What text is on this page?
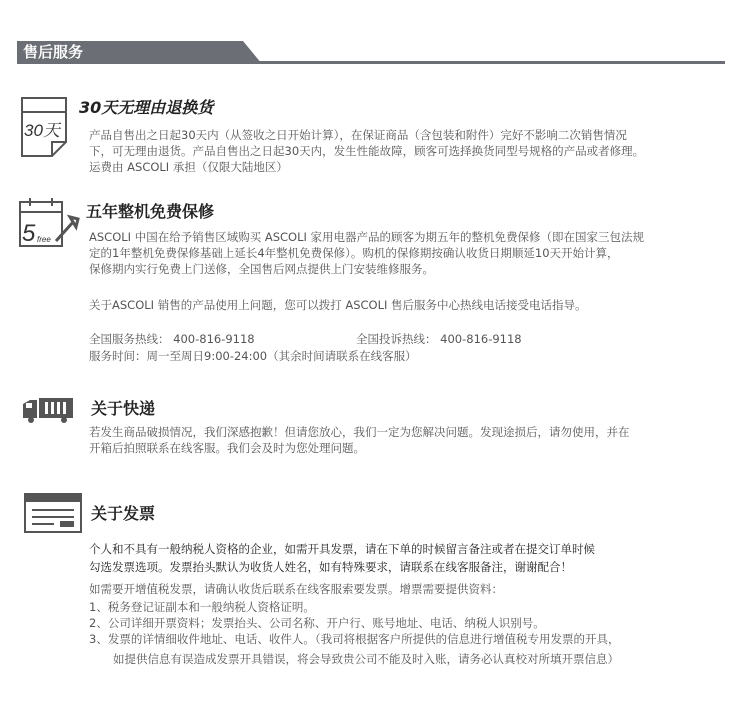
售后服务
30天
30天无理由退换货
产品自售出之日起30天内（从签收之日开始计算），在保证商品（含包装和附件）完好不影响二次销售情况
下，可无理由退货。产品自售出之日起30天内，发生性能故障，顾客可选择换货同型号规格的产品或者修理。
运费由 ASCOLI 承担（仅限大陆地区）
5 free
五年整机免费保修
ASCOLI 中国在给予销售区域购买 ASCOLI 家用电器产品的顾客为期五年的整机免费保修（即在国家三包法规
定的1年整机免费保修基础上延长4年整机免费保修）。购机的保修期按确认收货日期顺延10天开始计算，
保修期内实行免费上门送修，全国售后网点提供上门安装维修服务。
关于ASCOLI 销售的产品使用上问题，您可以拨打 ASCOLI 售后服务中心热线电话接受电话指导。
全国服务热线： 400-816-9118	全国投诉热线： 400-816-9118
服务时间：周一至周日9:00-24:00（其余时间请联系在线客服）
关于快递
若发生商品破损情况，我们深感抱歉！但请您放心，我们一定为您解决问题。发现途损后，请勿使用，并在
开箱后拍照联系在线客服。我们会及时为您处理问题。
关于发票
个人和不具有一般纳税人资格的企业，如需开具发票，请在下单的时候留言备注或者在提交订单时候
勾选发票选项。发票抬头默认为收货人姓名，如有特殊要求，请联系在线客服备注，谢谢配合！
如需要开增值税发票，请确认收货后联系在线客服索要发票。增票需要提供资料：
1、税务登记证副本和一般纳税人资格证明。
2、公司详细开票资料；发票抬头、公司名称、开户行、账号地址、电话、纳税人识别号。
3、发票的详情细收件地址、电话、收件人。（我司将根据客户所提供的信息进行增值税专用发票的开具，
如提供信息有误造成发票开具错误，将会导致贵公司不能及时入账，请务必认真校对所填开票信息）
